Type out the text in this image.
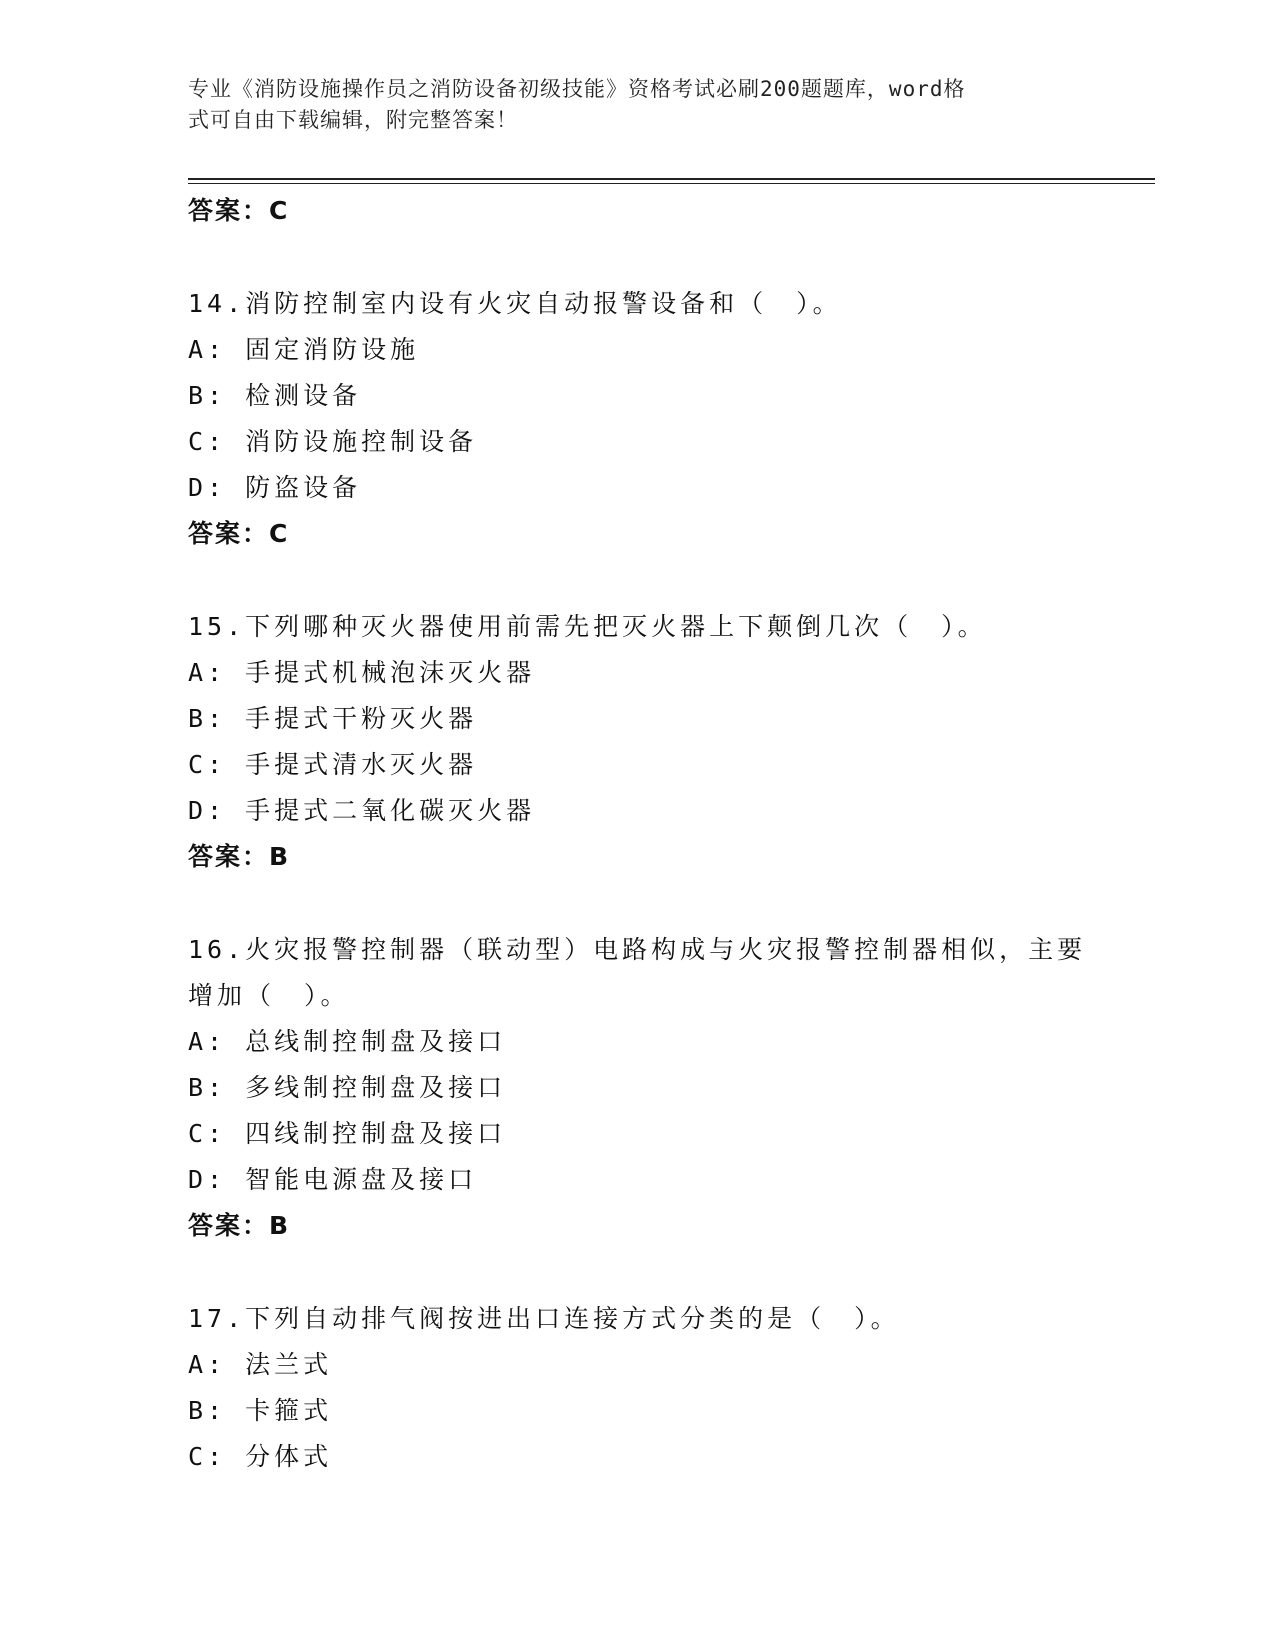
专业《消防设施操作员之消防设备初级技能》资格考试必刷200题题库，word格
式可自由下载编辑，附完整答案！
答案：C
14.消防控制室内设有火灾自动报警设备和（　）。
A: 固定消防设施
B: 检测设备
C: 消防设施控制设备
D: 防盗设备
答案：C
15.下列哪种灭火器使用前需先把灭火器上下颠倒几次（　）。
A: 手提式机械泡沫灭火器
B: 手提式干粉灭火器
C: 手提式清水灭火器
D: 手提式二氧化碳灭火器
答案：B
16.火灾报警控制器（联动型）电路构成与火灾报警控制器相似，主要增加（　）。
A: 总线制控制盘及接口
B: 多线制控制盘及接口
C: 四线制控制盘及接口
D: 智能电源盘及接口
答案：B
17.下列自动排气阀按进出口连接方式分类的是（　）。
A: 法兰式
B: 卡箍式
C: 分体式
